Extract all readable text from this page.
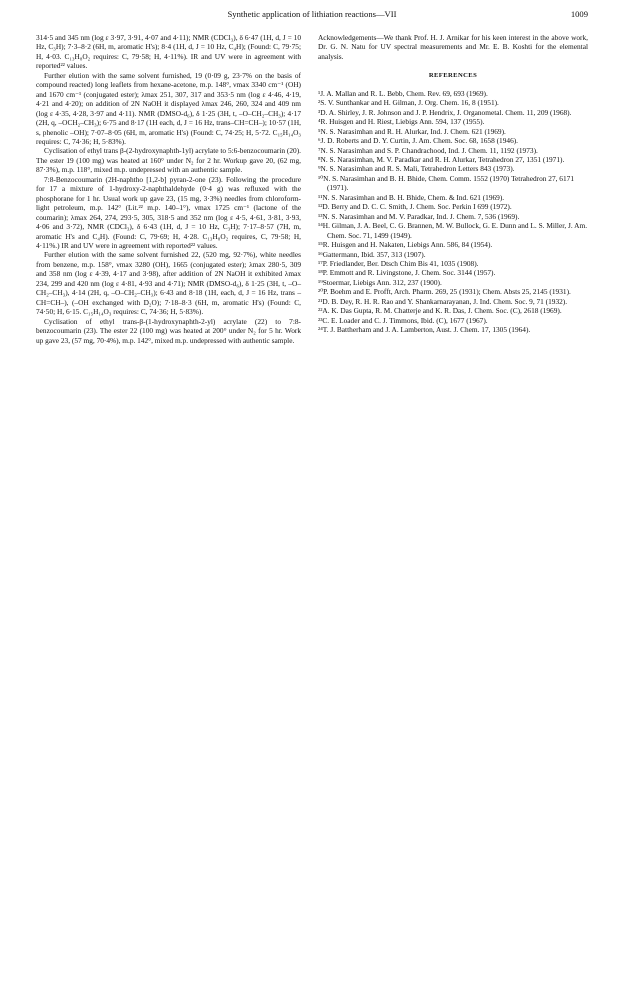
Synthetic application of lithiation reactions—VII	1009

314·5 and 345 nm (log ε 3·97, 3·91, 4·07 and 4·11); NMR (CDCl₃), δ 6·47 (1H, d, J = 10 Hz, C₃H); 7·3–8·2 (6H, m, aromatic H's); 8·4 (1H, d, J = 10 Hz, C₄H); (Found: C, 79·75; H, 4·03. C₁₃H₈O₂ requires: C, 79·58; H, 4·11%). IR and UV were in agreement with reported²² values.

Further elution with the same solvent furnished, 19 (0·09 g, 23·7% on the basis of compound reacted) long leaflets from hexane-acetone, m.p. 148°, νmax 3340 cm⁻¹ (OH) and 1670 cm⁻¹ (conjugated ester); λmax 251, 307, 317 and 353·5 nm (log ε 4·46, 4·19, 4·21 and 4·20); on addition of 2N NaOH it displayed λmax 246, 260, 324 and 409 nm (log ε 4·35, 4·28, 3·97 and 4·11). NMR (DMSO-d₆), δ 1·25 (3H, t, –O–CH₂–CH₃); 4·17 (2H, q, –OCH₂–CH₃); 6·75 and 8·17 (1H each, d, J = 16 Hz, trans–CH=CH–); 10·57 (1H, s, phenolic –OH); 7·07–8·05 (6H, m, aromatic H's) (Found: C, 74·25; H, 5·72. C₁₅H₁₄O₃ requires: C, 74·36; H, 5·83%).

Cyclisation of ethyl trans β-(2-hydroxynaphth-1yl) acrylate to 5:6-benzocoumarin (20). The ester 19 (100 mg) was heated at 160° under N₂ for 2 hr. Workup gave 20, (62 mg, 87·3%), m.p. 118°, mixed m.p. undepressed with an authentic sample.

7:8-Benzocoumarin (2H-naphtho [1,2-b] pyran-2-one (23). Following the procedure for 17 a mixture of 1-hydroxy-2-naphthaldehyde (0·4 g) was refluxed with the phosphorane for 1 hr. Usual work up gave 23, (15 mg, 3·3%) needles from chloroform-light petroleum, m.p. 142° (Lit.²² m.p. 140–1°), νmax 1725 cm⁻¹ (lactone of the coumarin); λmax 264, 274, 293·5, 305, 318·5 and 352 nm (log ε 4·5, 4·61, 3·81, 3·93, 4·06 and 3·72), NMR (CDCl₃), δ 6·43 (1H, d, J = 10 Hz, C₃H); 7·17–8·57 (7H, m, aromatic H's and C₄H). (Found: C, 79·69; H, 4·28. C₁₃H₈O₂ requires, C, 79·58; H, 4·11%.) IR and UV were in agreement with reported²² values.

Further elution with the same solvent furnished 22, (520 mg, 92·7%), white needles from benzene, m.p. 158°, νmax 3280 (OH), 1665 (conjugated ester); λmax 280·5, 309 and 358 nm (log ε 4·39, 4·17 and 3·98), after addition of 2N NaOH it exhibited λmax 234, 299 and 420 nm (log ε 4·81, 4·93 and 4·71); NMR (DMSO-d₆), δ 1·25 (3H, t, –O–CH₂–CH₃), 4·14 (2H, q, –O–CH₂–CH₃); 6·43 and 8·18 (1H, each, d, J = 16 Hz, trans –CH=CH–), (–OH exchanged with D₂O); 7·18–8·3 (6H, m, aromatic H's) (Found: C, 74·50; H, 6·15. C₁₅H₁₄O₃ requires: C, 74·36; H, 5·83%).

Cyclisation of ethyl trans-β-(1-hydroxynaphth-2-yl) acrylate (22) to 7:8-benzocoumarin (23). The ester 22 (100 mg) was heated at 200° under N₂ for 5 hr. Work up gave 23, (57 mg, 70·4%), m.p. 142°, mixed m.p. undepressed with authentic sample.

Acknowledgements—We thank Prof. H. J. Arnikar for his keen interest in the above work, Dr. G. N. Natu for UV spectral measurements and Mr. E. B. Koshti for the elemental analysis.

REFERENCES

¹J. A. Mallan and R. L. Bebb, Chem. Rev. 69, 693 (1969).

²S. V. Sunthankar and H. Gilman, J. Org. Chem. 16, 8 (1951).

³D. A. Shirley, J. R. Johnson and J. P. Hendrix, J. Organometal. Chem. 11, 209 (1968).

⁴R. Huisgen and H. Riest, Liebigs Ann. 594, 137 (1955).

⁵N. S. Narasimhan and R. H. Alurkar, Ind. J. Chem. 621 (1969).

⁶J. D. Roberts and D. Y. Curtin, J. Am. Chem. Soc. 68, 1658 (1946).

⁷N. S. Narasimhan and S. P. Chandrachood, Ind. J. Chem. 11, 1192 (1973).

⁸N. S. Narasimhan, M. V. Paradkar and R. H. Alurkar, Tetrahedron 27, 1351 (1971).

⁹N. S. Narasimhan and R. S. Mali, Tetrahedron Letters 843 (1973).

¹⁰N. S. Narasimhan and B. H. Bhide, Chem. Comm. 1552 (1970) Tetrahedron 27, 6171 (1971).

¹¹N. S. Narasimhan and B. H. Bhide, Chem. & Ind. 621 (1969).

¹²D. Berry and D. C. C. Smith, J. Chem. Soc. Perkin I 699 (1972).

¹³N. S. Narasimhan and M. V. Paradkar, Ind. J. Chem. 7, 536 (1969).

¹⁴H. Gilman, J. A. Beel, C. G. Brannen, M. W. Bullock, G. E. Dunn and L. S. Miller, J. Am. Chem. Soc. 71, 1499 (1949).

¹⁵R. Huisgen and H. Nakaten, Liebigs Ann. 586, 84 (1954).

¹⁶Gattermann, Ibid. 357, 313 (1907).

¹⁷P. Friedlander, Ber. Dtsch Chim Bis 41, 1035 (1908).

¹⁸P. Emmott and R. Livingstone, J. Chem. Soc. 3144 (1957).

¹⁹Stoermar, Liebigs Ann. 312, 237 (1900).

²⁰P. Boehm and E. Profft, Arch. Pharm. 269, 25 (1931); Chem. Absts 25, 2145 (1931).

²¹D. B. Dey, R. H. R. Rao and Y. Shankarnarayanan, J. Ind. Chem. Soc. 9, 71 (1932).

²²A. K. Das Gupta, R. M. Chatterje and K. R. Das, J. Chem. Soc. (C), 2618 (1969).

²³C. E. Loader and C. J. Timmons, Ibid. (C), 1677 (1967).

²⁴T. J. Battherham and J. A. Lamberton, Aust. J. Chem. 17, 1305 (1964).
